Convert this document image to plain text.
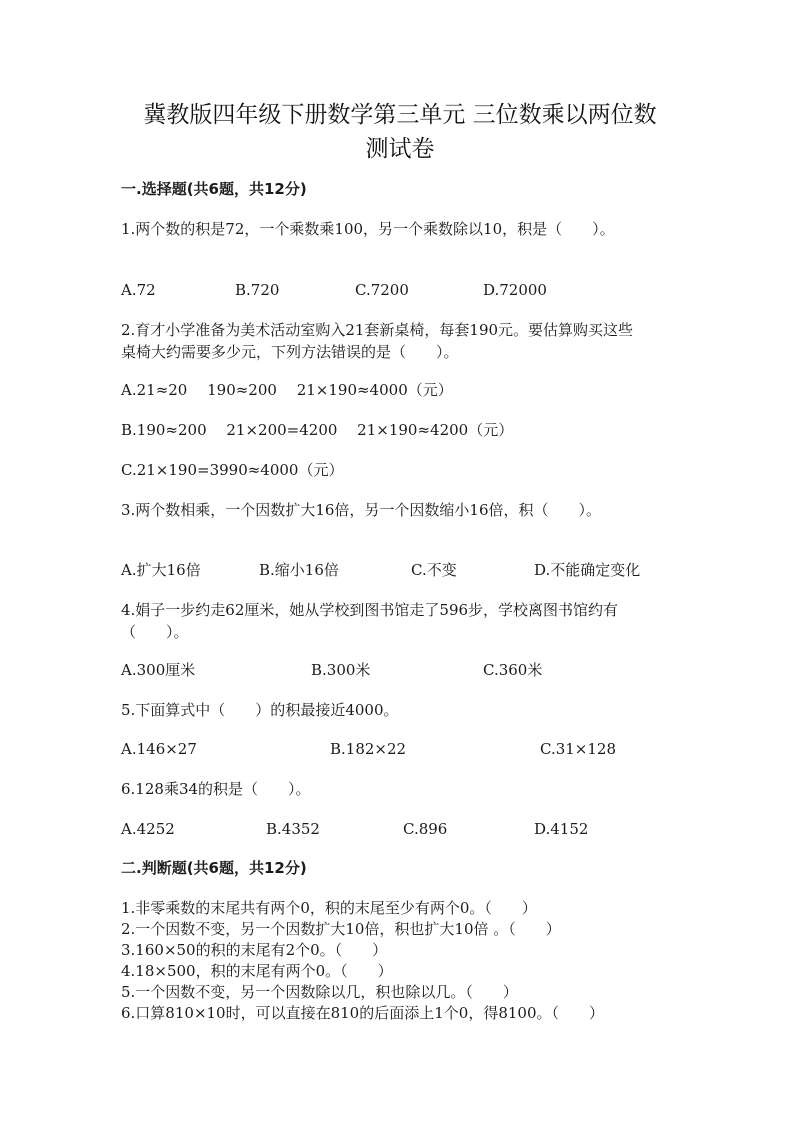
冀教版四年级下册数学第三单元 三位数乘以两位数
测试卷
一.选择题(共6题，共12分)
1.两个数的积是72，一个乘数乘100，另一个乘数除以10，积是（　　）。
A.72	B.720	C.7200	D.72000
2.育才小学准备为美术活动室购入21套新桌椅，每套190元。要估算购买这些
桌椅大约需要多少元，下列方法错误的是（　　）。
A.21≈20　 190≈200　 21×190≈4000（元）
B.190≈200　 21×200=4200　 21×190≈4200（元）
C.21×190=3990≈4000（元）
3.两个数相乘，一个因数扩大16倍，另一个因数缩小16倍，积（　　）。
A.扩大16倍	B.缩小16倍	C.不变	D.不能确定变化
4.娟子一步约走62厘米，她从学校到图书馆走了596步，学校离图书馆约有
（　　）。
A.300厘米	B.300米	C.360米
5.下面算式中（　　）的积最接近4000。
A.146×27	B.182×22	C.31×128
6.128乘34的积是（　　）。
A.4252	B.4352	C.896	D.4152
二.判断题(共6题，共12分)
1.非零乘数的末尾共有两个0，积的末尾至少有两个0。（　　）
2.一个因数不变，另一个因数扩大10倍，积也扩大10倍 。（　　）
3.160×50的积的末尾有2个0。（　　）
4.18×500，积的末尾有两个0。（　　）
5.一个因数不变，另一个因数除以几，积也除以几。（　　）
6.口算810×10时，可以直接在810的后面添上1个0，得8100。（　　）
